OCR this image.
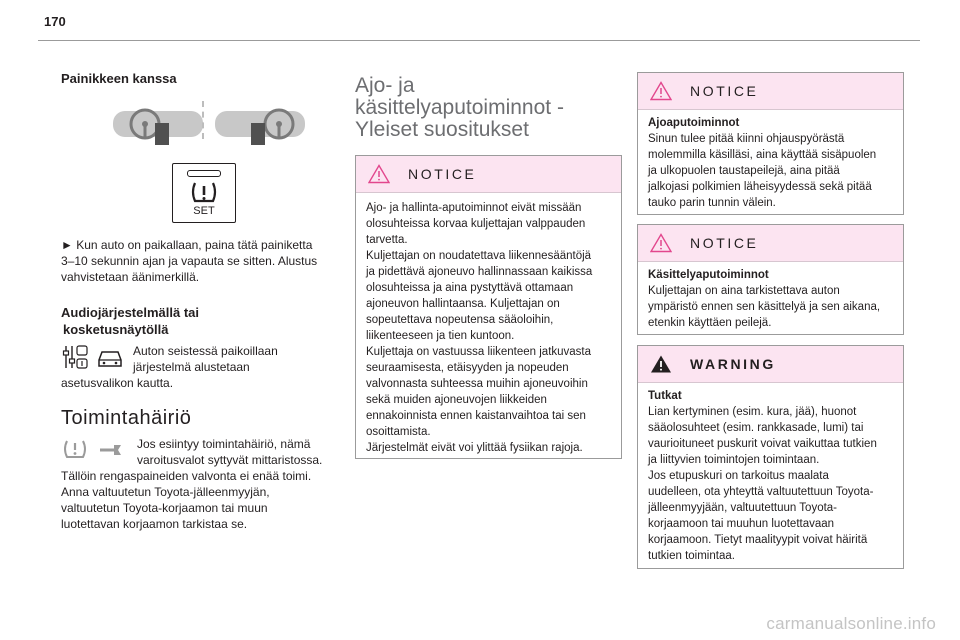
170
Painikkeen kanssa
SET

► Kun auto on paikallaan, paina tätä painiketta

3–10 sekunnin ajan ja vapauta se sitten. Alustus

vahvistetaan äänimerkillä.

Audiojärjestelmällä tai

kosketusnäytöllä

Auton seistessä paikoillaan

järjestelmä alustetaan

asetusvalikon kautta.

Toimintahäiriö

Jos esiintyy toimintahäiriö, nämä

varoitusvalot syttyvät mittaristossa.

Tällöin rengaspaineiden valvonta ei enää toimi.

Anna valtuutetun Toyota-jälleenmyyjän,

valtuutetun Toyota-korjaamon tai muun

luotettavan korjaamon tarkistaa se.

Ajo- ja

käsittelyaputoiminnot -

Yleiset suositukset

NOTICE
Ajo- ja hallinta-aputoiminnot eivät missään
olosuhteissa korvaa kuljettajan valppauden
tarvetta.
Kuljettajan on noudatettava liikennesääntöjä
ja pidettävä ajoneuvo hallinnassaan kaikissa
olosuhteissa ja aina pystyttävä ottamaan
ajoneuvon hallintaansa. Kuljettajan on
sopeutettava nopeutensa sääoloihin,
liikenteeseen ja tien kuntoon.
Kuljettaja on vastuussa liikenteen jatkuvasta
seuraamisesta, etäisyyden ja nopeuden
valvonnasta suhteessa muihin ajoneuvoihin
sekä muiden ajoneuvojen liikkeiden
ennakoinnista ennen kaistanvaihtoa tai sen
osoittamista.
Järjestelmät eivät voi ylittää fysiikan rajoja.
NOTICE
Ajoaputoiminnot
Sinun tulee pitää kiinni ohjauspyörästä
molemmilla käsilläsi, aina käyttää sisäpuolen
ja ulkopuolen taustapeilejä, aina pitää
jalkojasi polkimien läheisyydessä sekä pitää
tauko parin tunnin välein.
NOTICE
Käsittelyaputoiminnot
Kuljettajan on aina tarkistettava auton
ympäristö ennen sen käsittelyä ja sen aikana,
etenkin käyttäen peilejä.
WARNING
Tutkat
Lian kertyminen (esim. kura, jää), huonot
sääolosuhteet (esim. rankkasade, lumi) tai
vaurioituneet puskurit voivat vaikuttaa tutkien
ja liittyvien toimintojen toimintaan.
Jos etupuskuri on tarkoitus maalata
uudelleen, ota yhteyttä valtuutettuun Toyota-
jälleenmyyjään, valtuutettuun Toyota-
korjaamoon tai muuhun luotettavaan
korjaamoon. Tietyt maalityypit voivat häiritä
tutkien toimintaa.
carmanualsonline.info
